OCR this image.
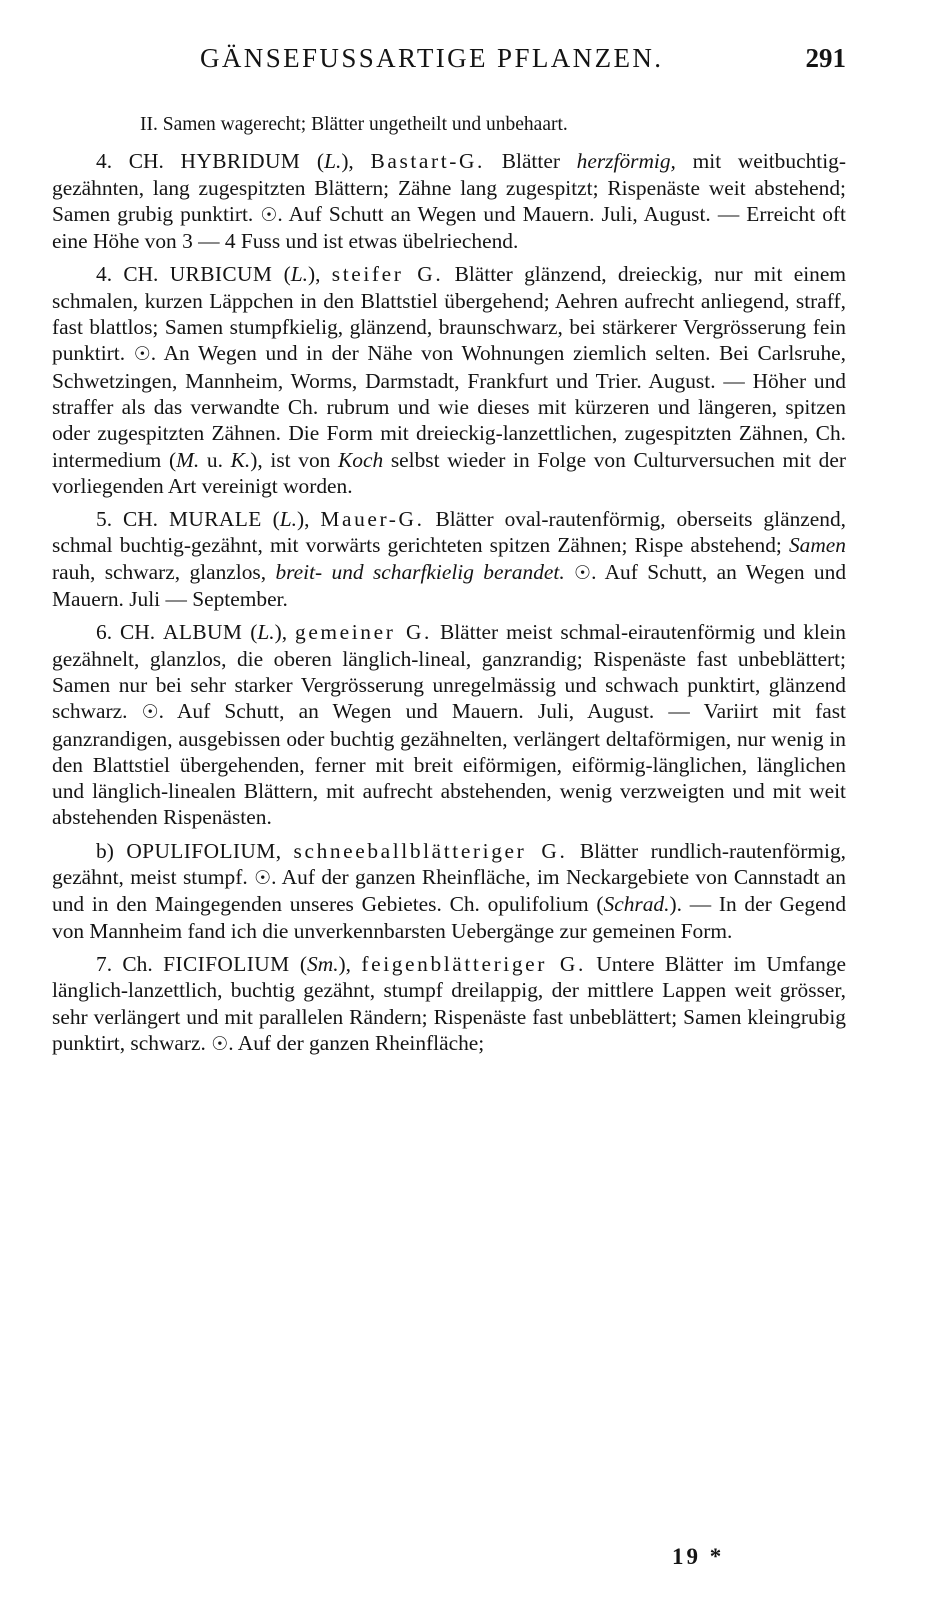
GÄNSEFUSSARTIGE PFLANZEN.	291
II. Samen wagerecht; Blätter ungetheilt und unbehaart.

4. CH. HYBRIDUM (L.), Bastart-G. Blätter herzförmig, mit weitbuchtig-gezähnten, lang zugespitzten Blättern; Zähne lang zugespitzt; Rispenäste weit abstehend; Samen grubig punktirt. ☉. Auf Schutt an Wegen und Mauern. Juli, August. — Erreicht oft eine Höhe von 3 — 4 Fuss und ist etwas übelriechend.

4. CH. URBICUM (L.), steifer G. Blätter glänzend, dreieckig, nur mit einem schmalen, kurzen Läppchen in den Blattstiel übergehend; Aehren aufrecht anliegend, straff, fast blattlos; Samen stumpfkielig, glänzend, braunschwarz, bei stärkerer Vergrösserung fein punktirt. ☉. An Wegen und in der Nähe von Wohnungen ziemlich selten. Bei Carlsruhe, Schwetzingen, Mannheim, Worms, Darmstadt, Frankfurt und Trier. August. — Höher und straffer als das verwandte Ch. rubrum und wie dieses mit kürzeren und längeren, spitzen oder zugespitzten Zähnen. Die Form mit dreieckig-lanzettlichen, zugespitzten Zähnen, Ch. intermedium (M. u. K.), ist von Koch selbst wieder in Folge von Culturversuchen mit der vorliegenden Art vereinigt worden.

5. CH. MURALE (L.), Mauer-G. Blätter oval-rautenförmig, oberseits glänzend, schmal buchtig-gezähnt, mit vorwärts gerichteten spitzen Zähnen; Rispe abstehend; Samen rauh, schwarz, glanzlos, breit- und scharfkielig berandet. ☉. Auf Schutt, an Wegen und Mauern. Juli — September.

6. CH. ALBUM (L.), gemeiner G. Blätter meist schmal-eirautenförmig und klein gezähnelt, glanzlos, die oberen länglich-lineal, ganzrandig; Rispenäste fast unbeblättert; Samen nur bei sehr starker Vergrösserung unregelmässig und schwach punktirt, glänzend schwarz. ☉. Auf Schutt, an Wegen und Mauern. Juli, August. — Variirt mit fast ganzrandigen, ausgebissen oder buchtig gezähnelten, verlängert deltaförmigen, nur wenig in den Blattstiel übergehenden, ferner mit breit eiförmigen, eiförmig-länglichen, länglichen und länglich-linealen Blättern, mit aufrecht abstehenden, wenig verzweigten und mit weit abstehenden Rispenästen.

b) OPULIFOLIUM, schneeballblätteriger G. Blätter rundlich-rautenförmig, gezähnt, meist stumpf. ☉. Auf der ganzen Rheinfläche, im Neckargebiete von Cannstadt an und in den Maingegenden unseres Gebietes. Ch. opulifolium (Schrad.). — In der Gegend von Mannheim fand ich die unverkennbarsten Uebergänge zur gemeinen Form.

7. Ch. FICIFOLIUM (Sm.), feigenblätteriger G. Untere Blätter im Umfange länglich-lanzettlich, buchtig gezähnt, stumpf dreilappig, der mittlere Lappen weit grösser, sehr verlängert und mit parallelen Rändern; Rispenäste fast unbeblättert; Samen kleingrubig punktirt, schwarz. ☉. Auf der ganzen Rheinfläche;

19 *
